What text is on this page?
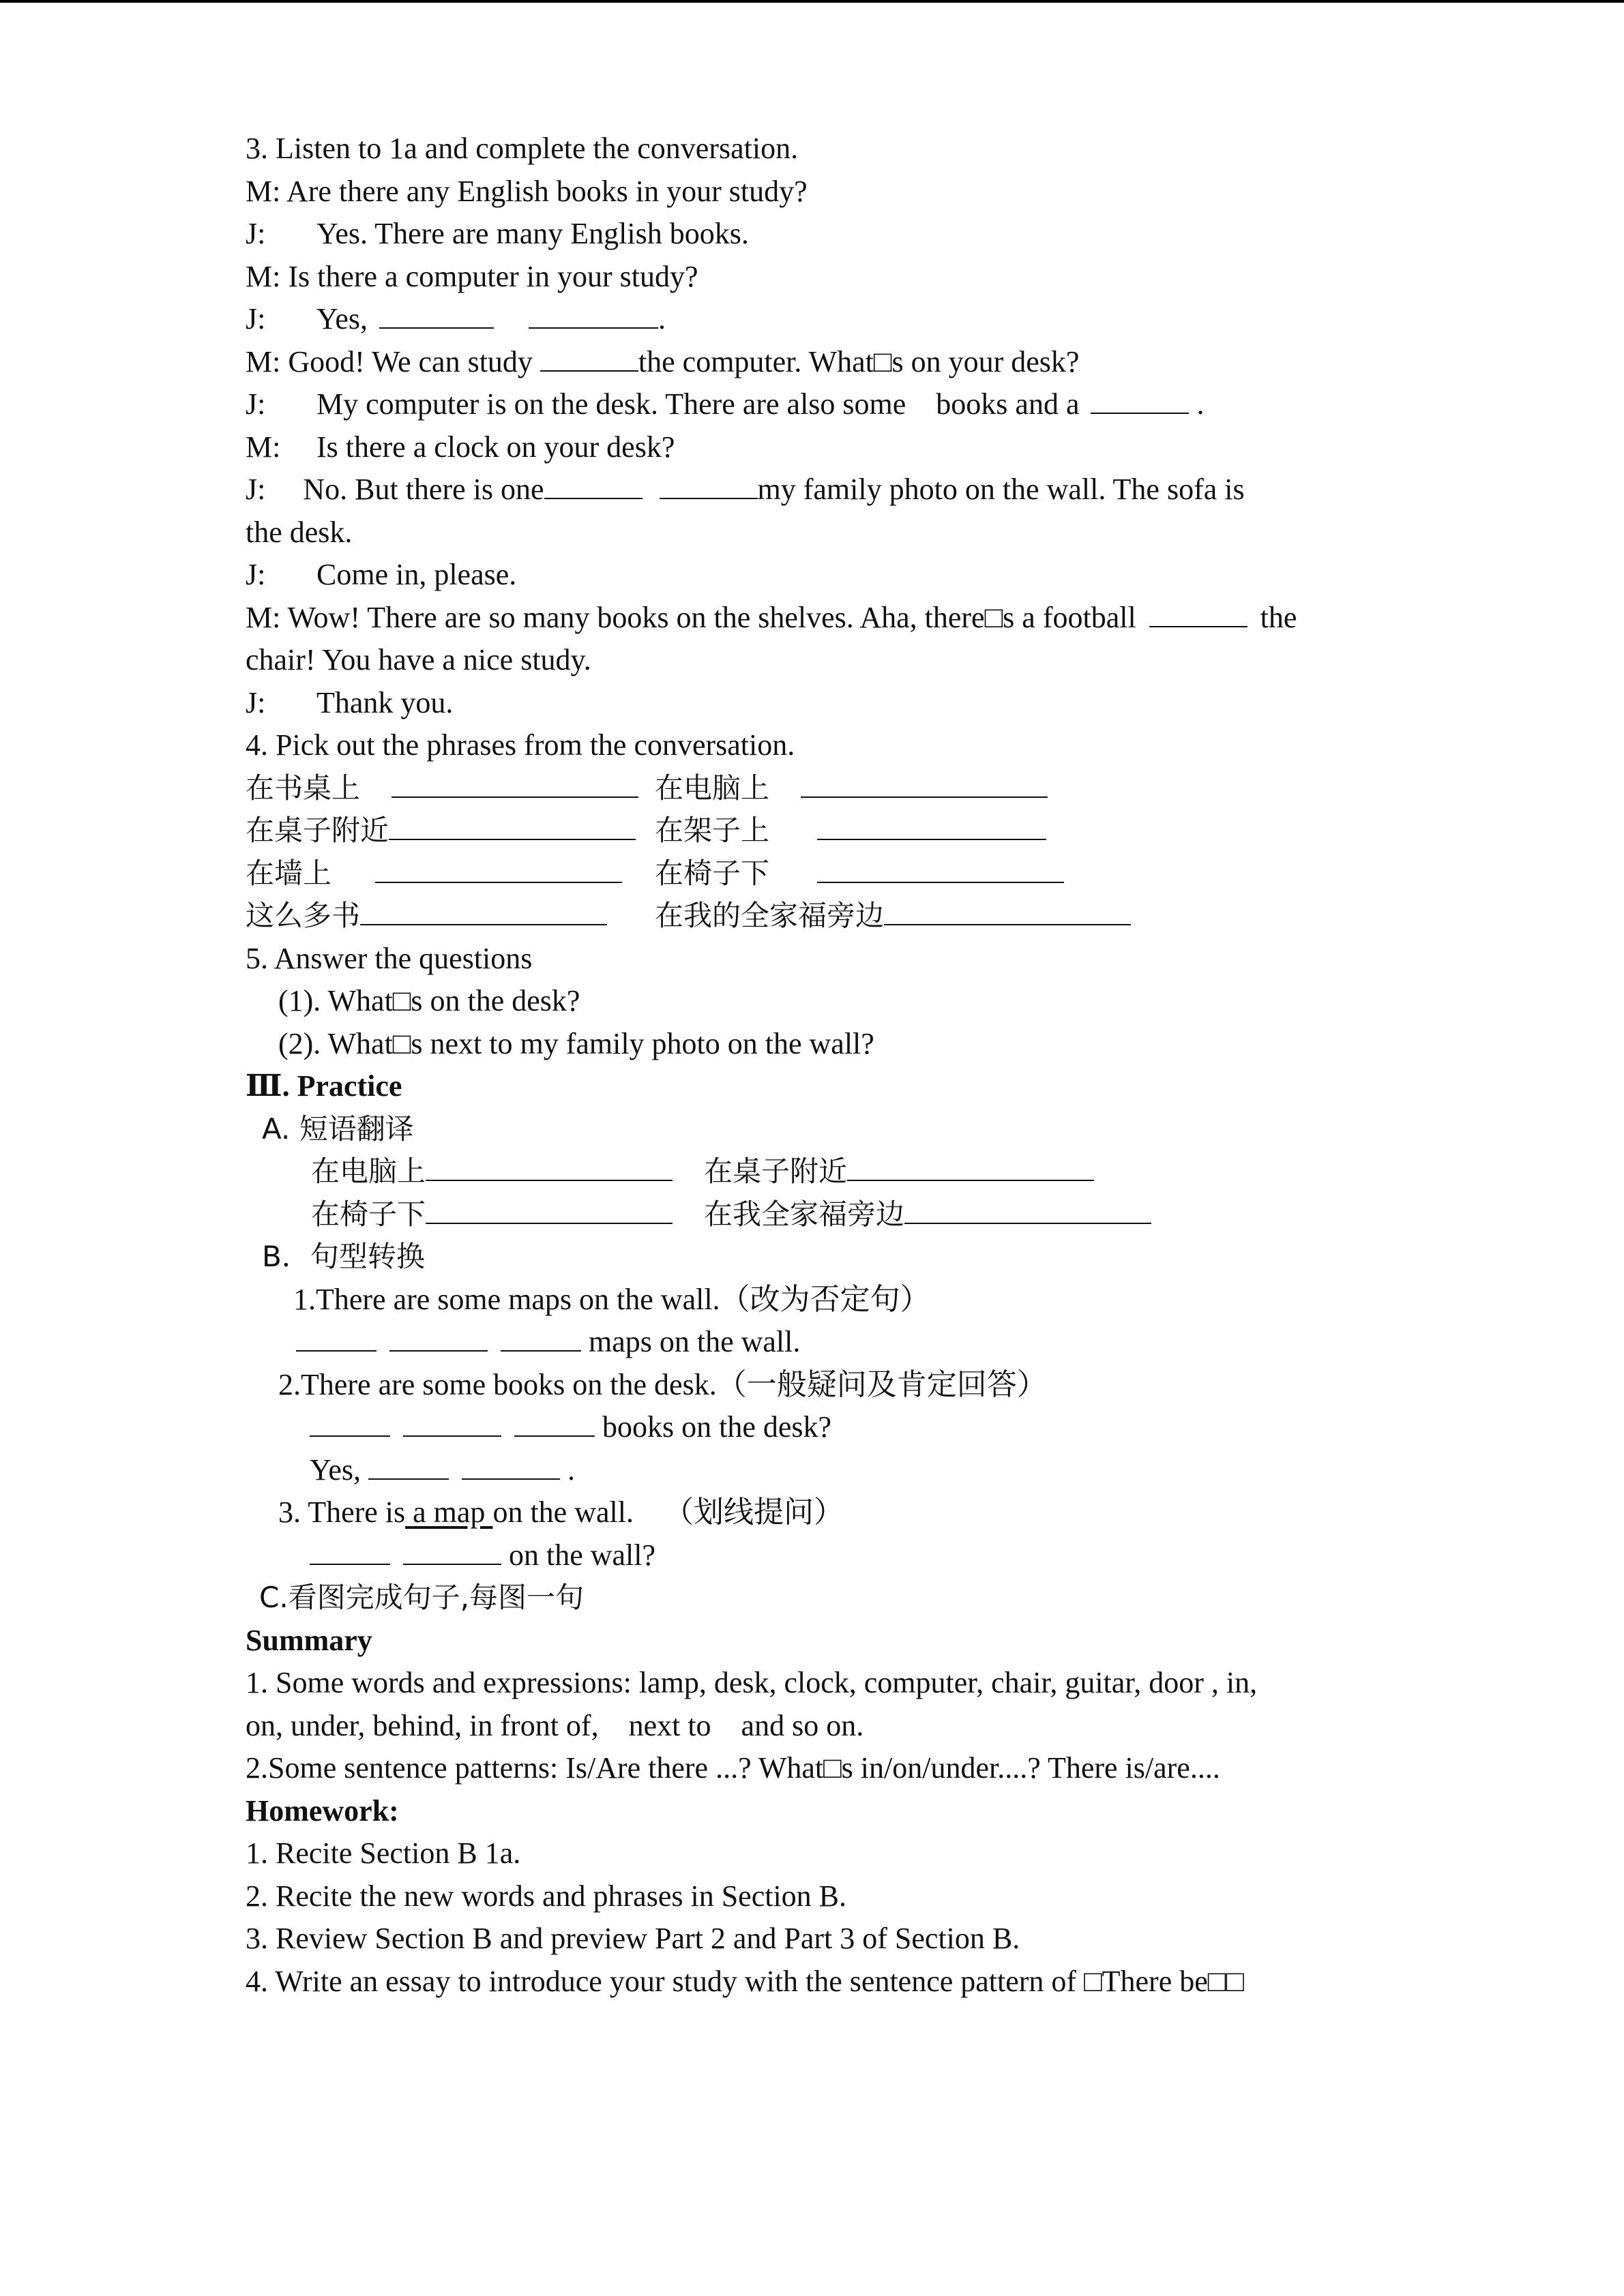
3. Listen to 1a and complete the conversation.
M: Are there any English books in your study?
J: Yes. There are many English books.
M: Is there a computer in your study?
J: Yes,	.
M: Good! We can study	the computer. What□s on your desk?
J: My computer is on the desk. There are also some    books and a	.
M: Is there a clock on your desk?
J:     No. But there is one	my family photo on the wall. The sofa is
the desk.
J: Come in, please.
M: Wow! There are so many books on the shelves. Aha, there□s a football	the
chair! You have a nice study.
J: Thank you.
4. Pick out the phrases from the conversation.
在书桌上	在电脑上
在桌子附近	在架子上
在墙上	在椅子下
这么多书	在我的全家福旁边
5. Answer the questions
(1). What□s on the desk?
(2). What□s next to my family photo on the wall?
Ⅲ. Practice
A. 短语翻译
在电脑上	在桌子附近
在椅子下	在我全家福旁边
B．句型转换
1.There are some maps on the wall.（改为否定句）
maps on the wall.
2.There are some books on the desk.（一般疑问及肯定回答）
books on the desk?
Yes,	.
3. There is a map on the wall.    （划线提问）
on the wall?
C.看图完成句子,每图一句
Summary
1. Some words and expressions: lamp, desk, clock, computer, chair, guitar, door , in,
on, under, behind, in front of,    next to    and so on.
2.Some sentence patterns: Is/Are there ...? What□s in/on/under....? There is/are....
Homework:
1. Recite Section B 1a.
2. Recite the new words and phrases in Section B.
3. Review Section B and preview Part 2 and Part 3 of Section B.
4. Write an essay to introduce your study with the sentence pattern of □There be□□
